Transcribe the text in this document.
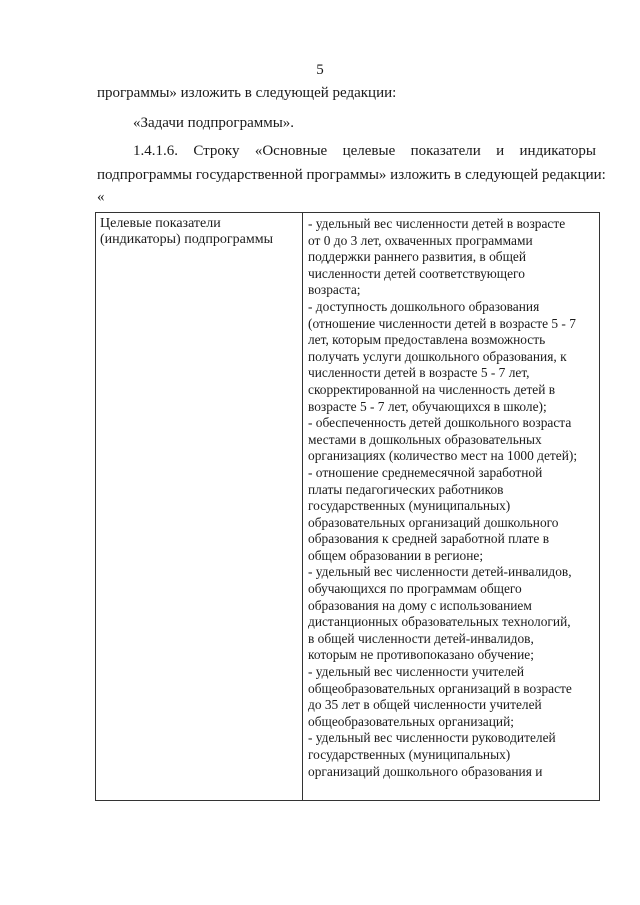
5
программы» изложить в следующей редакции:
«Задачи подпрограммы».
1.4.1.6. Строку «Основные целевые показатели и индикаторы
подпрограммы государственной программы» изложить в следующей редакции:
«
Целевые показатели
(индикаторы) подпрограммы
- удельный вес численности детей в возрасте
от 0 до 3 лет, охваченных программами
поддержки раннего развития, в общей
численности детей соответствующего
возраста;
- доступность дошкольного образования
(отношение численности детей в возрасте 5 - 7
лет, которым предоставлена возможность
получать услуги дошкольного образования, к
численности детей в возрасте 5 - 7 лет,
скорректированной на численность детей в
возрасте 5 - 7 лет, обучающихся в школе);
- обеспеченность детей дошкольного возраста
местами в дошкольных образовательных
организациях (количество мест на 1000 детей);
- отношение среднемесячной заработной
платы педагогических работников
государственных (муниципальных)
образовательных организаций дошкольного
образования к средней заработной плате в
общем образовании в регионе;
- удельный вес численности детей-инвалидов,
обучающихся по программам общего
образования на дому с использованием
дистанционных образовательных технологий,
в общей численности детей-инвалидов,
которым не противопоказано обучение;
- удельный вес численности учителей
общеобразовательных организаций в возрасте
до 35 лет в общей численности учителей
общеобразовательных организаций;
- удельный вес численности руководителей
государственных (муниципальных)
организаций дошкольного образования и
